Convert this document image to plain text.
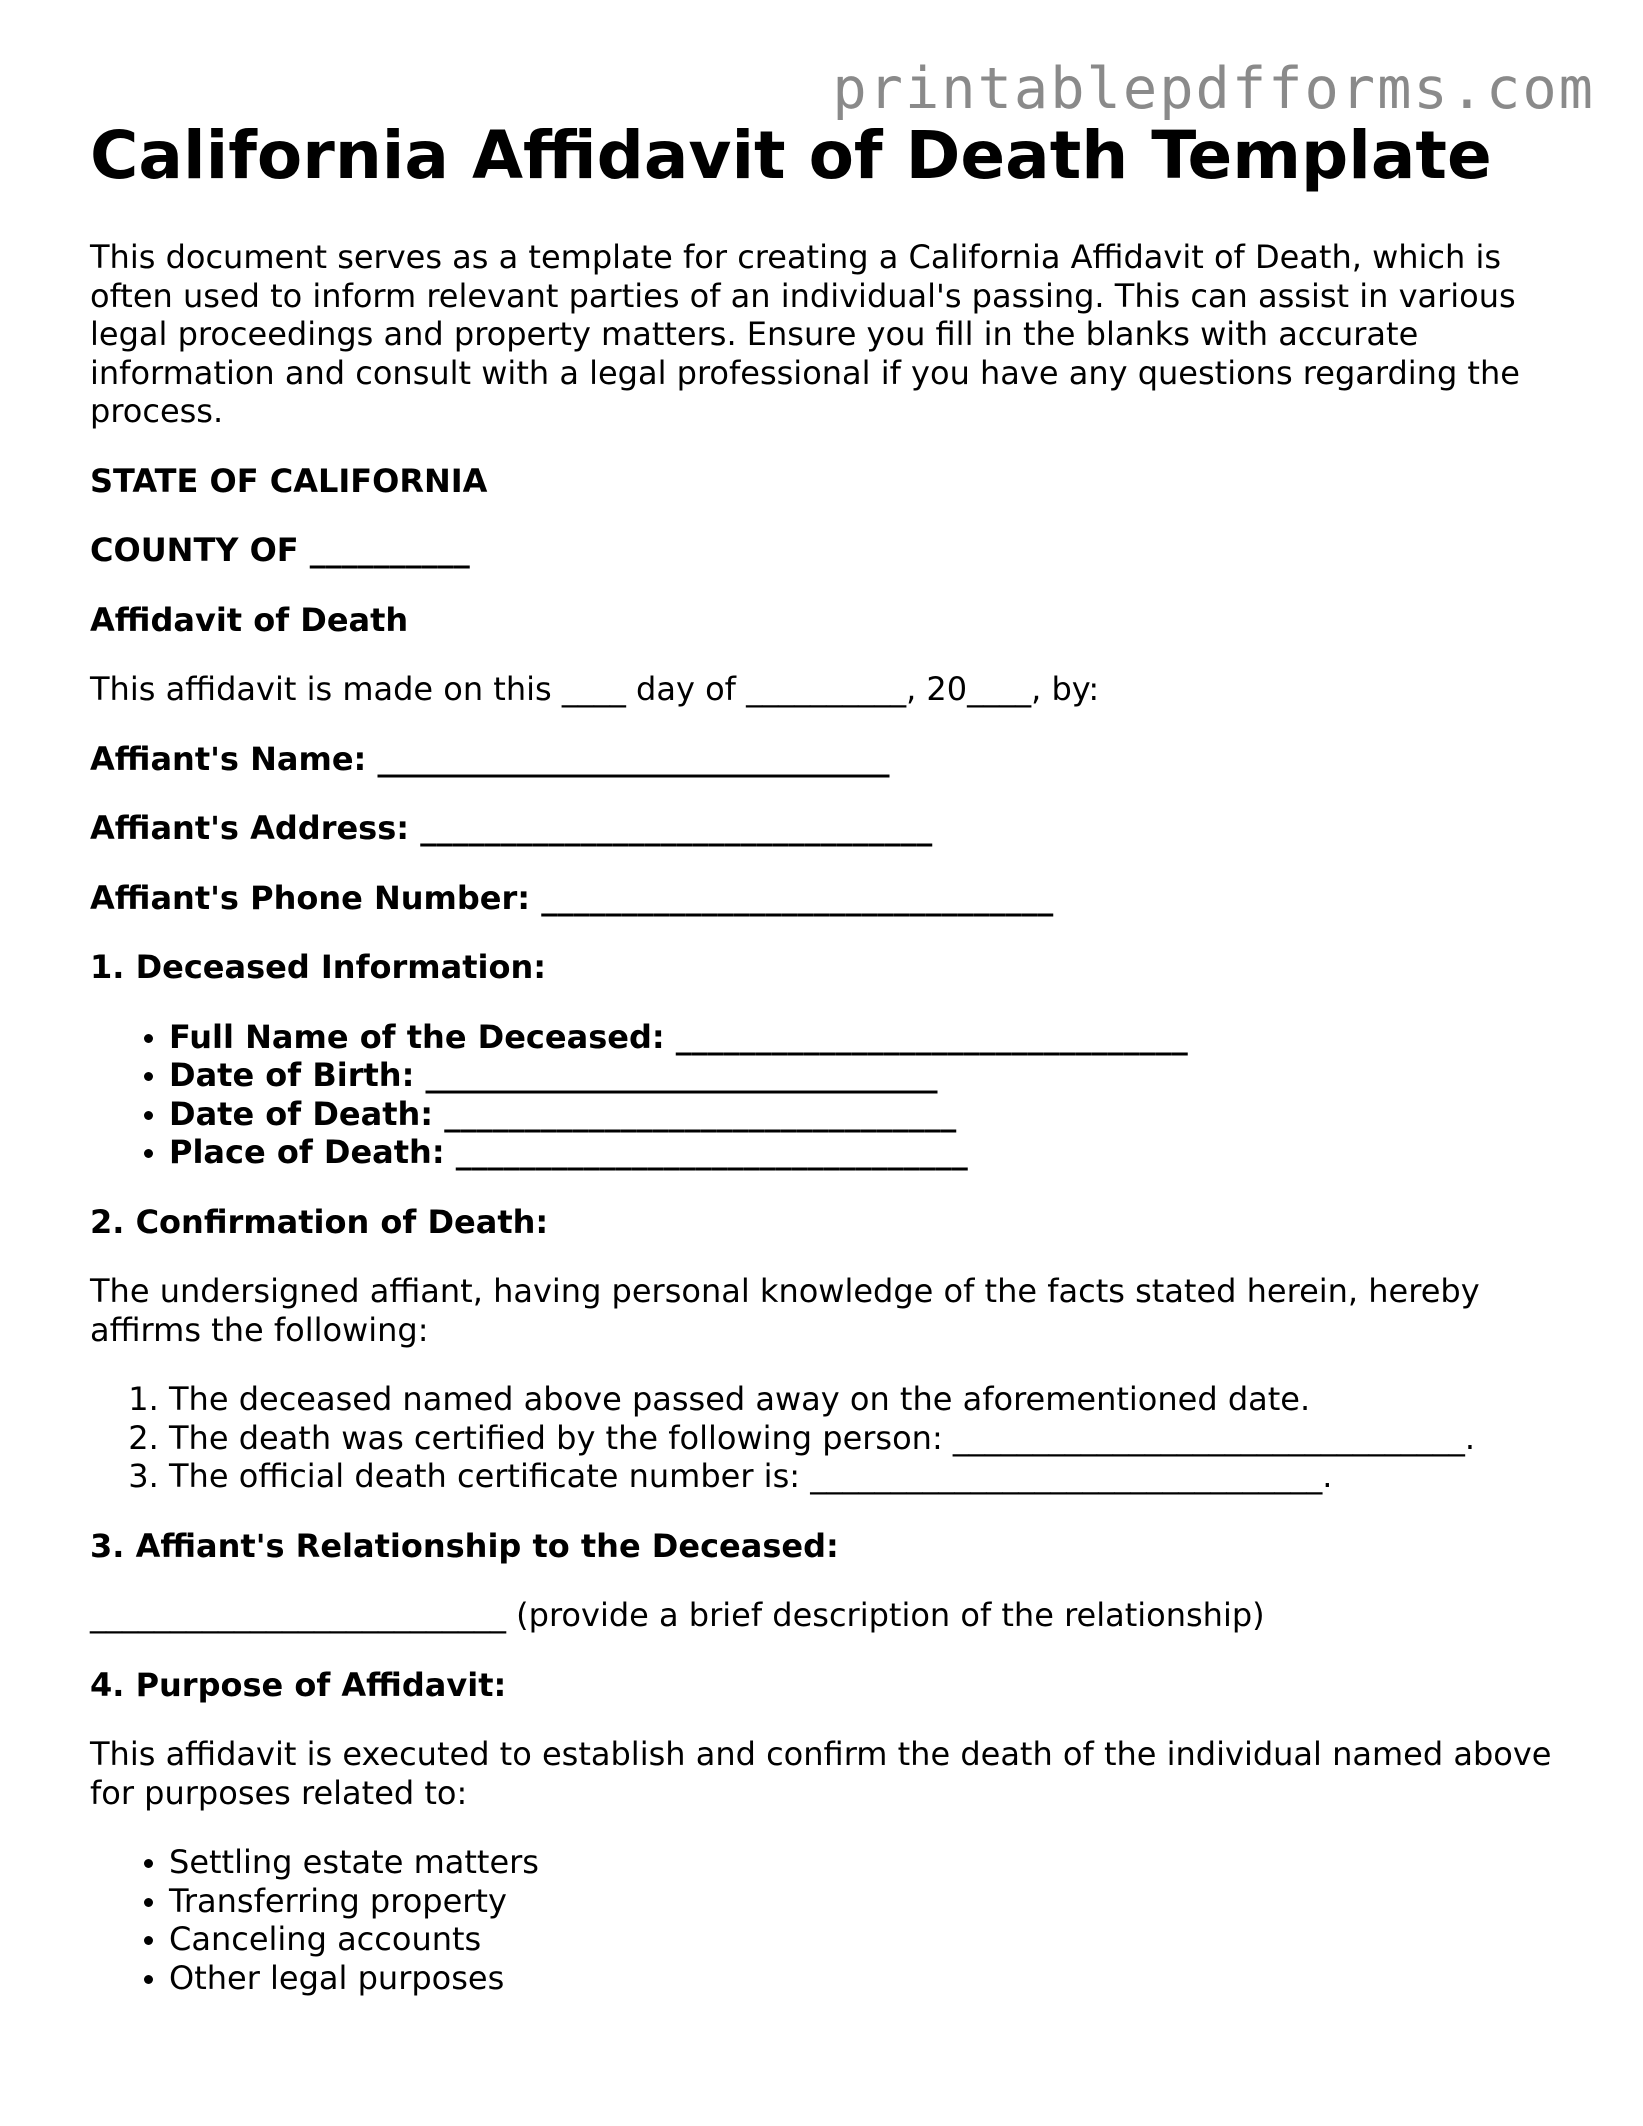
printablepdfforms.com
California Affidavit of Death Template

This document serves as a template for creating a California Affidavit of Death, which is often used to inform relevant parties of an individual's passing. This can assist in various legal proceedings and property matters. Ensure you fill in the blanks with accurate information and consult with a legal professional if you have any questions regarding the process.

STATE OF CALIFORNIA
COUNTY OF __________
Affidavit of Death
This affidavit is made on this ____ day of __________, 20____, by:
Affiant's Name: ________________________________
Affiant's Address: ________________________________
Affiant's Phone Number: ________________________________
1. Deceased Information:
• Full Name of the Deceased: ________________________________
• Date of Birth: ________________________________
• Date of Death: ________________________________
• Place of Death: ________________________________
2. Confirmation of Death:

The undersigned affiant, having personal knowledge of the facts stated herein, hereby affirms the following:

1. The deceased named above passed away on the aforementioned date.
2. The death was certified by the following person: ________________________________.
3. The official death certificate number is: ________________________________.
3. Affiant's Relationship to the Deceased:
__________________________ (provide a brief description of the relationship)
4. Purpose of Affidavit:

This affidavit is executed to establish and confirm the death of the individual named above for purposes related to:

• Settling estate matters
• Transferring property
• Canceling accounts
• Other legal purposes
